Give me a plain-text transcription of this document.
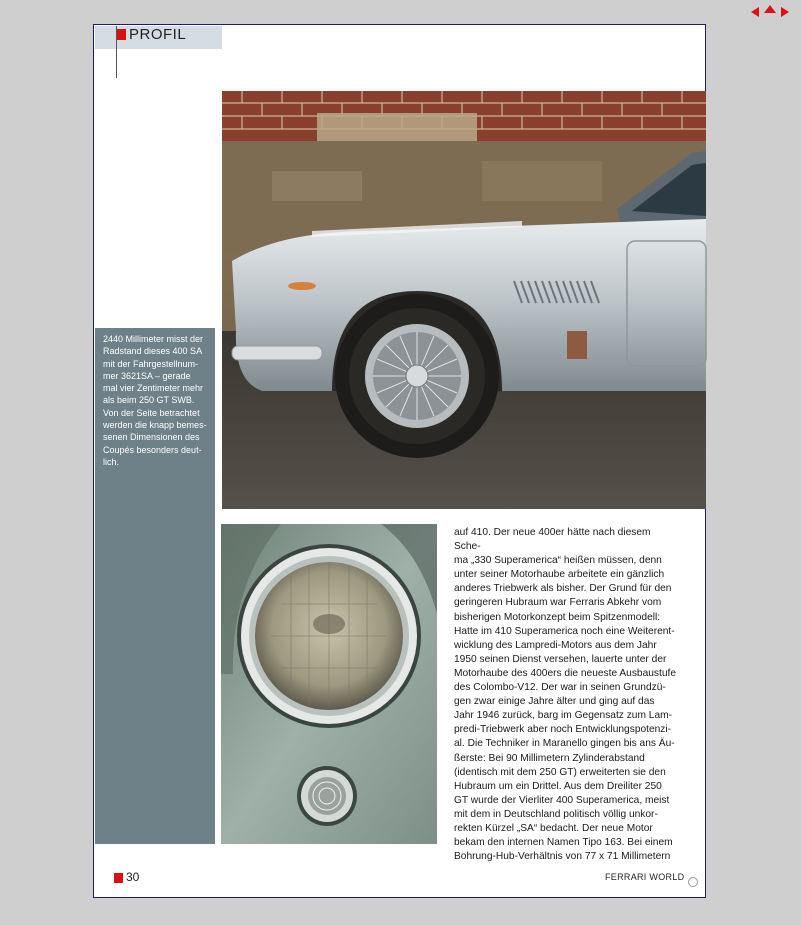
PROFIL
2440 Millimeter misst der
Radstand dieses 400 SA
mit der Fahrgestellnum-
mer 3621SA – gerade
mal vier Zentimeter mehr
als beim 250 GT SWB.
Von der Seite betrachtet
werden die knapp bemes-
senen Dimensionen des
Coupés besonders deut-
lich.
auf 410. Der neue 400er hätte nach diesem Sche-
ma „330 Superamerica“ heißen müssen, denn
unter seiner Motorhaube arbeitete ein gänzlich
anderes Triebwerk als bisher. Der Grund für den
geringeren Hubraum war Ferraris Abkehr vom
bisherigen Motorkonzept beim Spitzenmodell:
Hatte im 410 Superamerica noch eine Weiterent-
wicklung des Lampredi-Motors aus dem Jahr
1950 seinen Dienst versehen, lauerte unter der
Motorhaube des 400ers die neueste Ausbaustufe
des Colombo-V12. Der war in seinen Grundzü-
gen zwar einige Jahre älter und ging auf das
Jahr 1946 zurück, barg im Gegensatz zum Lam-
predi-Triebwerk aber noch Entwicklungspotenzi-
al. Die Techniker in Maranello gingen bis ans Äu-
ßerste: Bei 90 Millimetern Zylinderabstand
(identisch mit dem 250 GT) erweiterten sie den
Hubraum um ein Drittel. Aus dem Dreiliter 250
GT wurde der Vierliter 400 Superamerica, meist
mit dem in Deutschland politisch völlig unkor-
rekten Kürzel „SA“ bedacht. Der neue Motor
bekam den internen Namen Tipo 163. Bei einem
Bohrung-Hub-Verhältnis von 77 x 71 Millimetern
30	FERRARI WORLD
